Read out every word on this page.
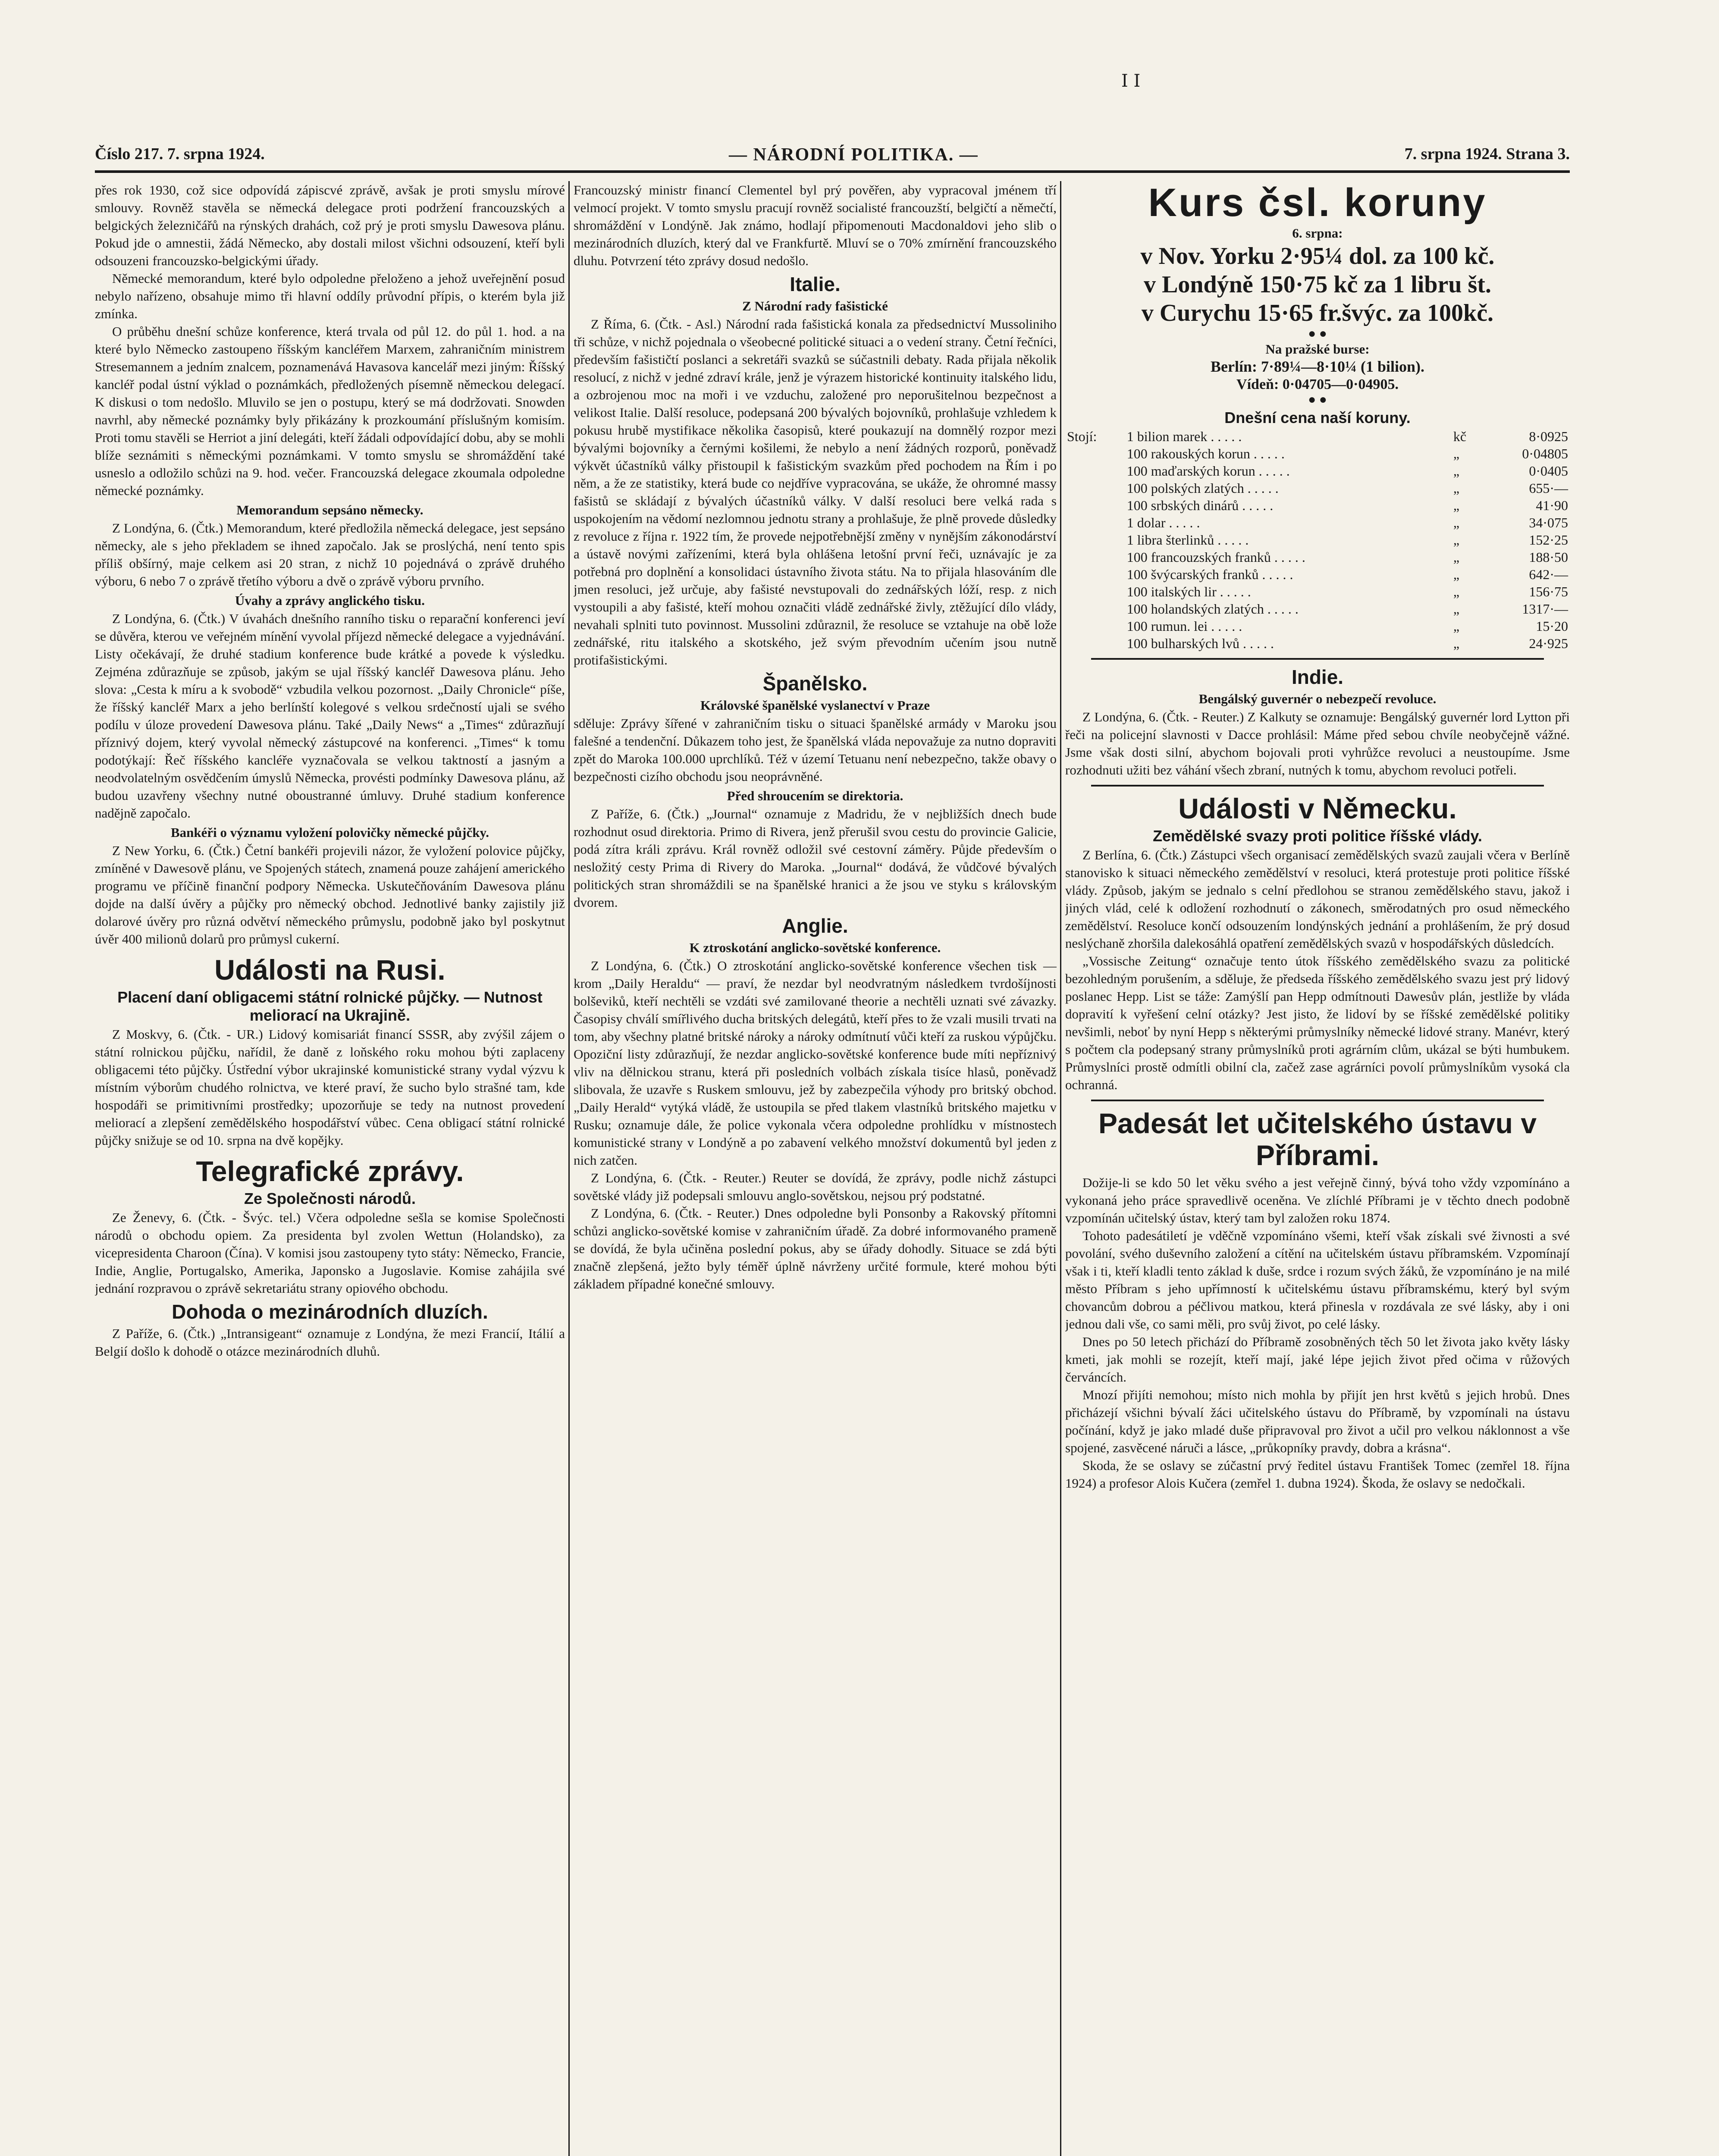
I I
Číslo 217. 7. srpna 1924.	— NÁRODNÍ POLITIKA. —	7. srpna 1924. Strana 3.

přes rok 1930, což sice odpovídá zápiscvé zprávě, avšak je proti smyslu mírové smlouvy. Rovněž stavěla se německá delegace proti podržení francouzských a belgických železničářů na rýnských drahách, což prý je proti smyslu Dawesova plánu. Pokud jde o amnestii, žádá Německo, aby dostali milost všichni odsouzení, kteří byli odsouzeni francouzsko-belgickými úřady.

Německé memorandum, které bylo odpoledne přeloženo a jehož uveřejnění posud nebylo nařízeno, obsahuje mimo tři hlavní oddíly průvodní přípis, o kterém byla již zmínka.

O průběhu dnešní schůze konference, která trvala od půl 12. do půl 1. hod. a na které bylo Německo zastoupeno říšským kancléřem Marxem, zahraničním ministrem Stresemannem a jedním znalcem, poznamenává Havasova kancelář mezi jiným: Říšský kancléř podal ústní výklad o poznámkách, předložených písemně německou delegací. K diskusi o tom nedošlo. Mluvilo se jen o postupu, který se má dodržovati. Snowden navrhl, aby německé poznámky byly přikázány k prozkoumání příslušným komisím. Proti tomu stavěli se Herriot a jiní delegáti, kteří žádali odpovídající dobu, aby se mohli blíže seznámiti s německými poznámkami. V tomto smyslu se shromáždění také usneslo a odložilo schůzi na 9. hod. večer. Francouzská delegace zkoumala odpoledne německé poznámky.

Memorandum sepsáno německy.

Z Londýna, 6. (Čtk.) Memorandum, které předložila německá delegace, jest sepsáno německy, ale s jeho překladem se ihned započalo. Jak se proslýchá, není tento spis příliš obšírný, maje celkem asi 20 stran, z nichž 10 pojednává o zprávě druhého výboru, 6 nebo 7 o zprávě třetího výboru a dvě o zprávě výboru prvního.

Úvahy a zprávy anglického tisku.

Z Londýna, 6. (Čtk.) V úvahách dnešního ranního tisku o reparační konferenci jeví se důvěra, kterou ve veřejném mínění vyvolal příjezd německé delegace a vyjednávání. Listy očekávají, že druhé stadium konference bude krátké a povede k výsledku. Zejména zdůrazňuje se způsob, jakým se ujal říšský kancléř Dawesova plánu. Jeho slova: „Cesta k míru a k svobodě“ vzbudila velkou pozornost. „Daily Chronicle“ píše, že říšský kancléř Marx a jeho berlínští kolegové s velkou srdečností ujali se svého podílu v úloze provedení Dawesova plánu. Také „Daily News“ a „Times“ zdůrazňují příznivý dojem, který vyvolal německý zástupcové na konferenci. „Times“ k tomu podotýkají: Řeč říšského kancléře vyznačovala se velkou taktností a jasným a neodvolatelným osvědčením úmyslů Německa, provésti podmínky Dawesova plánu, až budou uzavřeny všechny nutné oboustranné úmluvy. Druhé stadium konference nadějně započalo.

Bankéři o významu vyložení polovičky německé půjčky.

Z New Yorku, 6. (Čtk.) Četní bankéři projevili názor, že vyložení polovice půjčky, zmíněné v Dawesově plánu, ve Spojených státech, znamená pouze zahájení amerického programu ve příčině finanční podpory Německa. Uskutečňováním Dawesova plánu dojde na další úvěry a půjčky pro německý obchod. Jednotlivé banky zajistily již dolarové úvěry pro různá odvětví německého průmyslu, podobně jako byl poskytnut úvěr 400 milionů dolarů pro průmysl cukerní.

Události na Rusi.
Placení daní obligacemi státní rolnické půjčky. — Nutnost meliorací na Ukrajině.

Z Moskvy, 6. (Čtk. - UR.) Lidový komisariát financí SSSR, aby zvýšil zájem o státní rolnickou půjčku, nařídil, že daně z loňského roku mohou býti zaplaceny obligacemi této půjčky. Ústřední výbor ukrajinské komunistické strany vydal výzvu k místním výborům chudého rolnictva, ve které praví, že sucho bylo strašné tam, kde hospodáři se primitivními prostředky; upozorňuje se tedy na nutnost provedení meliorací a zlepšení zemědělského hospodářství vůbec. Cena obligací státní rolnické půjčky snižuje se od 10. srpna na dvě kopějky.

Telegrafické zprávy.
Ze Společnosti národů.

Ze Ženevy, 6. (Čtk. - Švýc. tel.) Včera odpoledne sešla se komise Společnosti národů o obchodu opiem. Za presidenta byl zvolen Wettun (Holandsko), za vicepresidenta Charoon (Čína). V komisi jsou zastoupeny tyto státy: Německo, Francie, Indie, Anglie, Portugalsko, Amerika, Japonsko a Jugoslavie. Komise zahájila své jednání rozpravou o zprávě sekretariátu strany opiového obchodu.

Dohoda o mezinárodních dluzích.

Z Paříže, 6. (Čtk.) „Intransigeant“ oznamuje z Londýna, že mezi Francií, Itálií a Belgií došlo k dohodě o otázce mezinárodních dluhů.

Francouzský ministr financí Clementel byl prý pověřen, aby vypracoval jménem tří velmocí projekt. V tomto smyslu pracují rovněž socialisté francouzští, belgičtí a němečtí, shromáždění v Londýně. Jak známo, hodlají připomenouti Macdonaldovi jeho slib o mezinárodních dluzích, který dal ve Frankfurtě. Mluví se o 70% zmírnění francouzského dluhu. Potvrzení této zprávy dosud nedošlo.

Italie.
Z Národní rady fašistické

Z Říma, 6. (Čtk. - Asl.) Národní rada fašistická konala za předsednictví Mussoliniho tři schůze, v nichž pojednala o všeobecné politické situaci a o vedení strany. Četní řečníci, především fašističtí poslanci a sekretáři svazků se súčastnili debaty. Rada přijala několik resolucí, z nichž v jedné zdraví krále, jenž je výrazem historické kontinuity italského lidu, a ozbrojenou moc na moři i ve vzduchu, založené pro neporušitelnou bezpečnost a velikost Italie. Další resoluce, podepsaná 200 bývalých bojovníků, prohlašuje vzhledem k pokusu hrubě mystifikace několika časopisů, které poukazují na domnělý rozpor mezi bývalými bojovníky a černými košilemi, že nebylo a není žádných rozporů, poněvadž výkvět účastníků války přistoupil k fašistickým svazkům před pochodem na Řím i po něm, a že ze statistiky, která bude co nejdříve vypracována, se ukáže, že ohromné massy fašistů se skládají z bývalých účastníků války. V další resoluci bere velká rada s uspokojením na vědomí nezlomnou jednotu strany a prohlašuje, že plně provede důsledky z revoluce z října r. 1922 tím, že provede nejpotřebnější změny v nynějším zákonodárství a ústavě novými zařízeními, která byla ohlášena letošní první řeči, uznávajíc je za potřebná pro doplnění a konsolidaci ústavního života státu. Na to přijala hlasováním dle jmen resoluci, jež určuje, aby fašisté nevstupovali do zednářských lóží, resp. z nich vystoupili a aby fašisté, kteří mohou označiti vládě zednářské živly, ztěžující dílo vlády, nevahali splniti tuto povinnost. Mussolini zdůraznil, že resoluce se vztahuje na obě lože zednářské, ritu italského a skotského, jež svým převodním učením jsou nutně protifašistickými.

Španělsko.
Královské španělské vyslanectví v Praze

sděluje: Zprávy šířené v zahraničním tisku o situaci španělské armády v Maroku jsou falešné a tendenční. Důkazem toho jest, že španělská vláda nepovažuje za nutno dopraviti zpět do Maroka 100.000 uprchlíků. Též v území Tetuanu není nebezpečno, takže obavy o bezpečnosti cizího obchodu jsou neoprávněné.

Před shroucením se direktoria.

Z Paříže, 6. (Čtk.) „Journal“ oznamuje z Madridu, že v nejbližších dnech bude rozhodnut osud direktoria. Primo di Rivera, jenž přerušil svou cestu do provincie Galicie, podá zítra králi zprávu. Král rovněž odložil své cestovní záměry. Půjde především o nesložitý cesty Prima di Rivery do Maroka. „Journal“ dodává, že vůdčové bývalých politických stran shromáždili se na španělské hranici a že jsou ve styku s královským dvorem.

Anglie.
K ztroskotání anglicko-sovětské konference.

Z Londýna, 6. (Čtk.) O ztroskotání anglicko-sovětské konference všechen tisk — krom „Daily Heraldu“ — praví, že nezdar byl neodvratným následkem tvrdošíjnosti bolševiků, kteří nechtěli se vzdáti své zamilované theorie a nechtěli uznati své závazky. Časopisy chválí smířlivého ducha britských delegátů, kteří přes to že vzali musili trvati na tom, aby všechny platné britské nároky a nároky odmítnutí vůči kteří za ruskou výpůjčku. Opoziční listy zdůrazňují, že nezdar anglicko-sovětské konference bude míti nepříznivý vliv na dělnickou stranu, která při posledních volbách získala tisíce hlasů, poněvadž slibovala, že uzavře s Ruskem smlouvu, jež by zabezpečila výhody pro britský obchod. „Daily Herald“ vytýká vládě, že ustoupila se před tlakem vlastníků britského majetku v Rusku; oznamuje dále, že police vykonala včera odpoledne prohlídku v místnostech komunistické strany v Londýně a po zabavení velkého množství dokumentů byl jeden z nich zatčen.

Z Londýna, 6. (Čtk. - Reuter.) Reuter se dovídá, že zprávy, podle nichž zástupci sovětské vlády již podepsali smlouvu anglo-sovětskou, nejsou prý podstatné.

Z Londýna, 6. (Čtk. - Reuter.) Dnes odpoledne byli Ponsonby a Rakovský přítomni schůzi anglicko-sovětské komise v zahraničním úřadě. Za dobré informovaného prameně se dovídá, že byla učiněna poslední pokus, aby se úřady dohodly. Situace se zdá býti značně zlepšená, ježto byly téměř úplně návrženy určité formule, které mohou býti základem případné konečné smlouvy.

Kurs čsl. koruny
6. srpna:
v Nov. Yorku 2·95¼ dol. za 100 kč.
v Londýně 150·75 kč za 1 libru št.
v Curychu 15·65 fr.švýc. za 100kč.
● ●
Na pražské burse:
Berlín: 7·89¼—8·10¼ (1 bilion).
Vídeň: 0·04705—0·04905.
● ●
Dnešní cena naší koruny.
Stojí:	1 bilion marek . . . . .	kč	8·0925
	100 rakouských korun . . . . .	„	0·04805
	100 maďarských korun . . . . .	„	0·0405
	100 polských zlatých . . . . .	„	655·—
	100 srbských dinárů . . . . .	„	41·90
	1 dolar . . . . .	„	34·075
	1 libra šterlinků . . . . .	„	152·25
	100 francouzských franků . . . . .	„	188·50
	100 švýcarských franků . . . . .	„	642·—
	100 italských lir . . . . .	„	156·75
	100 holandských zlatých . . . . .	„	1317·—
	100 rumun. lei . . . . .	„	15·20
	100 bulharských lvů . . . . .	„	24·925
Indie.
Bengálský guvernér o nebezpečí revoluce.

Z Londýna, 6. (Čtk. - Reuter.) Z Kalkuty se oznamuje: Bengálský guvernér lord Lytton při řeči na policejní slavnosti v Dacce prohlásil: Máme před sebou chvíle neobyčejně vážné. Jsme však dosti silní, abychom bojovali proti vyhrůžce revoluci a neustoupíme. Jsme rozhodnuti užiti bez váhání všech zbraní, nutných k tomu, abychom revoluci potřeli.

Události v Německu.
Zemědělské svazy proti politice říšské vlády.

Z Berlína, 6. (Čtk.) Zástupci všech organisací zemědělských svazů zaujali včera v Berlíně stanovisko k situaci německého zemědělství v resoluci, která protestuje proti politice říšské vlády. Způsob, jakým se jednalo s celní předlohou se stranou zemědělského stavu, jakož i jiných vlád, celé k odložení rozhodnutí o zákonech, směrodatných pro osud německého zemědělství. Resoluce končí odsouzením londýnských jednání a prohlášením, že prý dosud neslýchaně zhoršila dalekosáhlá opatření zemědělských svazů v hospodářských důsledcích.

„Vossische Zeitung“ označuje tento útok říšského zemědělského svazu za politické bezohledným porušením, a sděluje, že předseda říšského zemědělského svazu jest prý lidový poslanec Hepp. List se táže: Zamýšlí pan Hepp odmítnouti Dawesův plán, jestliže by vláda dopravití k vyřešení celní otázky? Jest jisto, že lidoví by se říšské zemědělské politiky nevšimli, neboť by nyní Hepp s některými průmyslníky německé lidové strany. Manévr, který s počtem cla podepsaný strany průmyslníků proti agrárním clům, ukázal se býti humbukem. Průmyslníci prostě odmítli obilní cla, začež zase agrárníci povolí průmyslníkům vysoká cla ochranná.

Padesát let učitelského ústavu v Příbrami.

Dožije-li se kdo 50 let věku svého a jest veřejně činný, bývá toho vždy vzpomínáno a vykonaná jeho práce spravedlivě oceněna. Ve zlíchlé Příbrami je v těchto dnech podobně vzpomínán učitelský ústav, který tam byl založen roku 1874.

Tohoto padesátiletí je vděčně vzpomínáno všemi, kteří však získali své živnosti a své povolání, svého duševního založení a cítění na učitelském ústavu příbramském. Vzpomínají však i ti, kteří kladli tento základ k duše, srdce i rozum svých žáků, že vzpomínáno je na milé město Příbram s jeho upřímností k učitelskému ústavu příbramskému, který byl svým chovancům dobrou a péčlivou matkou, která přinesla v rozdávala ze své lásky, aby i oni jednou dali vše, co sami měli, pro svůj život, po celé lásky.

Dnes po 50 letech přichází do Příbramě zosobněných těch 50 let života jako květy lásky kmeti, jak mohli se rozejít, kteří mají, jaké lépe jejich život před očima v růžových červáncích.

Mnozí přijíti nemohou; místo nich mohla by přijít jen hrst květů s jejich hrobů. Dnes přicházejí všichni bývalí žáci učitelského ústavu do Příbramě, by vzpomínali na ústavu počínání, když je jako mladé duše připravoval pro život a učil pro velkou náklonnost a vše spojené, zasvěcené náruči a lásce, „průkopníky pravdy, dobra a krásna“.

Skoda, že se oslavy se zúčastní prvý ředitel ústavu František Tomec (zemřel 18. října 1924) a profesor Alois Kučera (zemřel 1. dubna 1924). Škoda, že oslavy se nedočkali.
